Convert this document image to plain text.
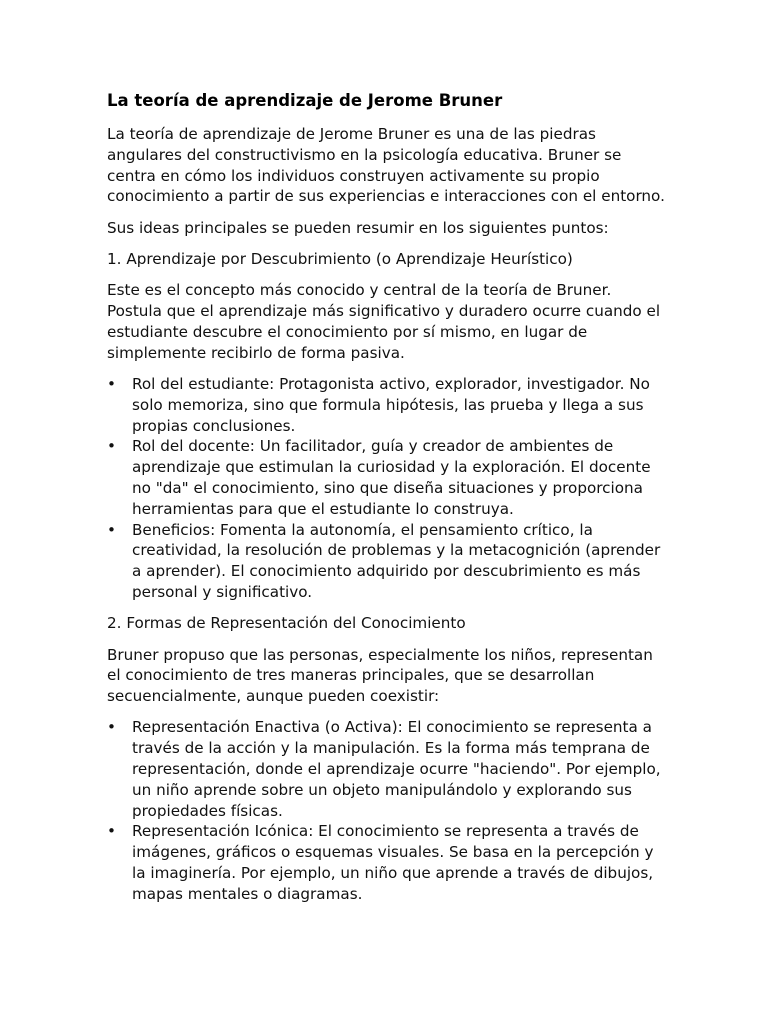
La teoría de aprendizaje de Jerome Bruner

La teoría de aprendizaje de Jerome Bruner es una de las piedras angulares del constructivismo en la psicología educativa. Bruner se centra en cómo los individuos construyen activamente su propio conocimiento a partir de sus experiencias e interacciones con el entorno.

Sus ideas principales se pueden resumir en los siguientes puntos:

1. Aprendizaje por Descubrimiento (o Aprendizaje Heurístico)

Este es el concepto más conocido y central de la teoría de Bruner. Postula que el aprendizaje más significativo y duradero ocurre cuando el estudiante descubre el conocimiento por sí mismo, en lugar de simplemente recibirlo de forma pasiva.

• Rol del estudiante: Protagonista activo, explorador, investigador. No solo memoriza, sino que formula hipótesis, las prueba y llega a sus propias conclusiones.
• Rol del docente: Un facilitador, guía y creador de ambientes de aprendizaje que estimulan la curiosidad y la exploración. El docente no "da" el conocimiento, sino que diseña situaciones y proporciona herramientas para que el estudiante lo construya.
• Beneficios: Fomenta la autonomía, el pensamiento crítico, la creatividad, la resolución de problemas y la metacognición (aprender a aprender). El conocimiento adquirido por descubrimiento es más personal y significativo.

2. Formas de Representación del Conocimiento

Bruner propuso que las personas, especialmente los niños, representan el conocimiento de tres maneras principales, que se desarrollan secuencialmente, aunque pueden coexistir:

• Representación Enactiva (o Activa): El conocimiento se representa a través de la acción y la manipulación. Es la forma más temprana de representación, donde el aprendizaje ocurre "haciendo". Por ejemplo, un niño aprende sobre un objeto manipulándolo y explorando sus propiedades físicas.
• Representación Icónica: El conocimiento se representa a través de imágenes, gráficos o esquemas visuales. Se basa en la percepción y la imaginería. Por ejemplo, un niño que aprende a través de dibujos, mapas mentales o diagramas.
